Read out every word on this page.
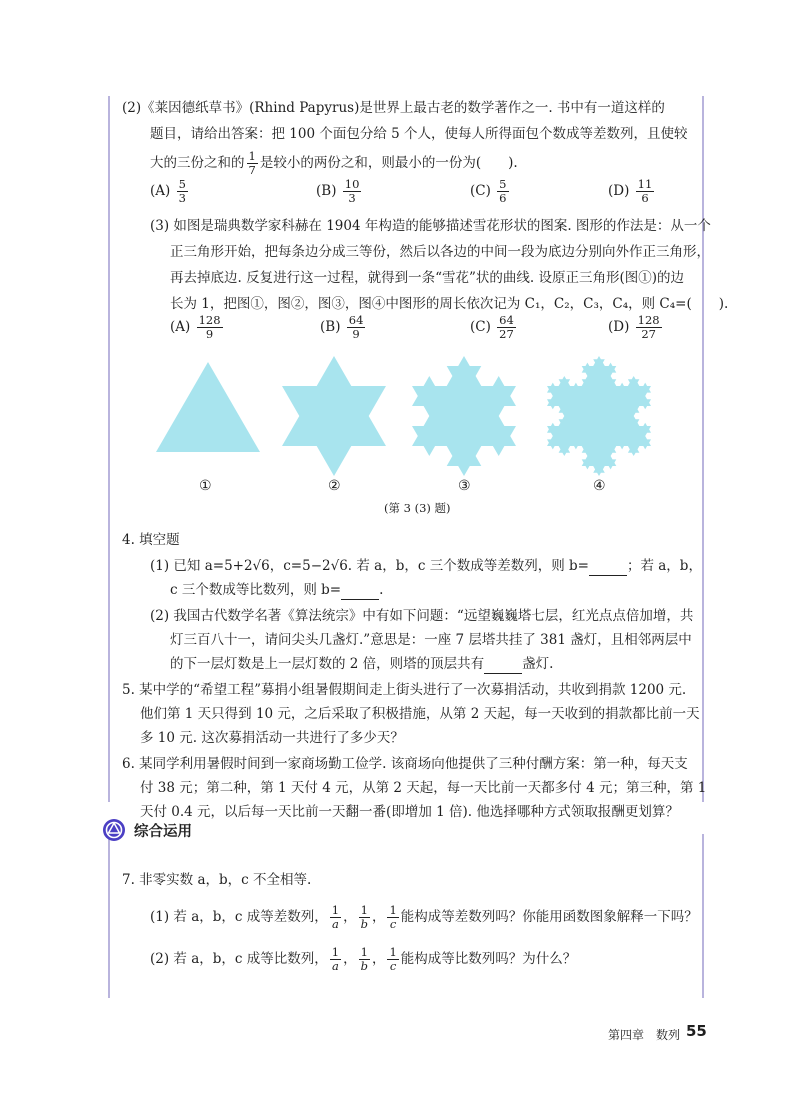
(2)《莱因德纸草书》(Rhind Papyrus)是世界上最古老的数学著作之一. 书中有一道这样的
题目，请给出答案：把 100 个面包分给 5 个人，使每人所得面包个数成等差数列，且使较
大的三份之和的 $\frac{1}{7}$ 是较小的两份之和，则最小的一份为(　　).
$(A) \frac{5}{3}$	$(B) \frac{10}{3}$	$(C) \frac{5}{6}$	$(D) \frac{11}{6}$
(3) 如图是瑞典数学家科赫在 1904 年构造的能够描述雪花形状的图案. 图形的作法是：从一个
正三角形开始，把每条边分成三等份，然后以各边的中间一段为底边分别向外作正三角形，
再去掉底边. 反复进行这一过程，就得到一条“雪花”状的曲线. 设原正三角形(图①)的边
长为 1，把图①，图②，图③，图④中图形的周长依次记为 C₁，C₂，C₃，C₄，则 C₄=(　　).
$(A) \frac{128}{9}$	$(B) \frac{64}{9}$	$(C) \frac{64}{27}$	$(D) \frac{128}{27}$
①	②	③	④
(第 3 (3) 题)
4. 填空题
(1) 已知 a=5+2√6，c=5−2√6. 若 a，b，c 三个数成等差数列，则 b=	；若 a，b，
c 三个数成等比数列，则 b=	.
(2) 我国古代数学名著《算法统宗》中有如下问题：“远望巍巍塔七层，红光点点倍加增，共
灯三百八十一，请问尖头几盏灯.”意思是：一座 7 层塔共挂了 381 盏灯，且相邻两层中
的下一层灯数是上一层灯数的 2 倍，则塔的顶层共有	盏灯.
5. 某中学的“希望工程”募捐小组暑假期间走上街头进行了一次募捐活动，共收到捐款 1200 元.
他们第 1 天只得到 10 元，之后采取了积极措施，从第 2 天起，每一天收到的捐款都比前一天
多 10 元. 这次募捐活动一共进行了多少天？
6. 某同学利用暑假时间到一家商场勤工俭学. 该商场向他提供了三种付酬方案：第一种，每天支
付 38 元；第二种，第 1 天付 4 元，从第 2 天起，每一天比前一天都多付 4 元；第三种，第 1
天付 0.4 元，以后每一天比前一天翻一番(即增加 1 倍). 他选择哪种方式领取报酬更划算？
综合运用
7. 非零实数 a，b，c 不全相等.
(1) 若 a，b，c 成等差数列， $\frac{1}{a}$ ， $\frac{1}{b}$ ， $\frac{1}{c}$ 能构成等差数列吗？你能用函数图象解释一下吗？
(2) 若 a，b，c 成等比数列， $\frac{1}{a}$ ， $\frac{1}{b}$ ， $\frac{1}{c}$ 能构成等比数列吗？为什么？
第四章　数列 55
